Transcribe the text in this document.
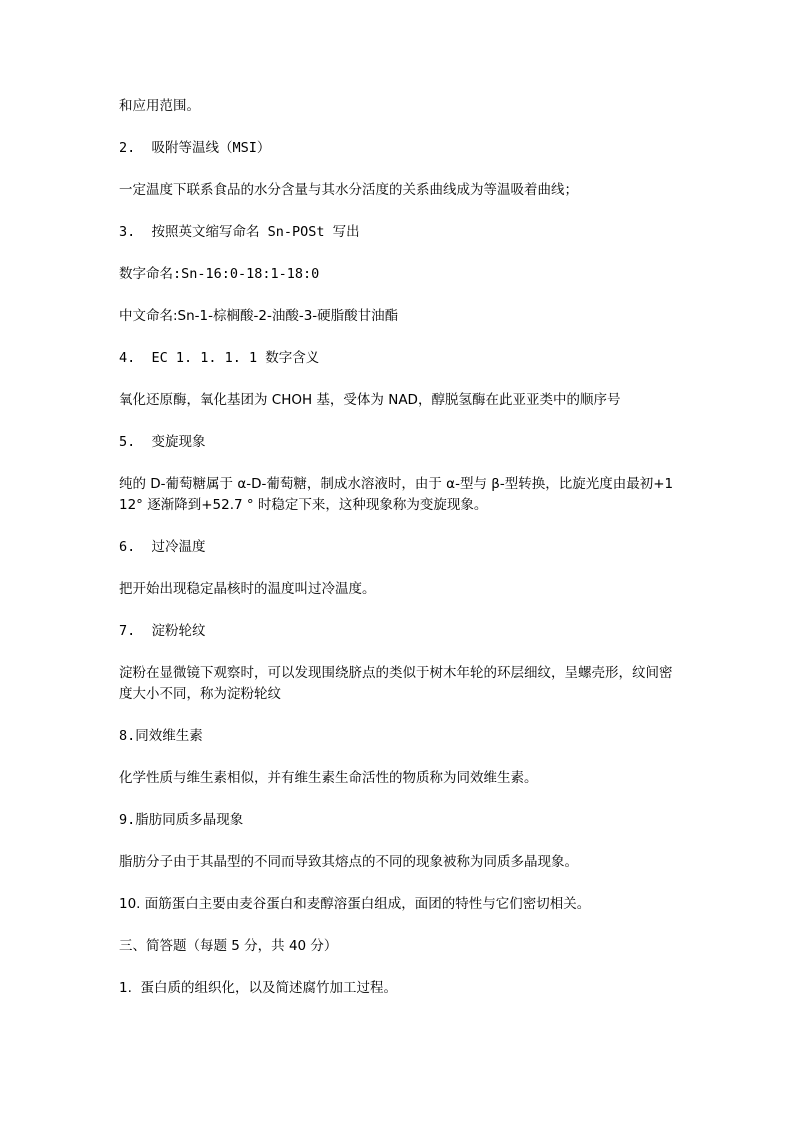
和应用范围。

2.  吸附等温线（MSI）

一定温度下联系食品的水分含量与其水分活度的关系曲线成为等温吸着曲线；

3.  按照英文缩写命名 Sn-POSt 写出

数字命名:Sn-16:0-18:1-18:0

中文命名:Sn-1-棕榈酸-2-油酸-3-硬脂酸甘油酯

4.  EC 1. 1. 1. 1 数字含义

氧化还原酶，氧化基团为 CHOH 基，受体为 NAD，醇脱氢酶在此亚亚类中的顺序号

5.  变旋现象

纯的 D-葡萄糖属于 α-D-葡萄糖，制成水溶液时，由于 α-型与 β-型转换，比旋光度由最初+112° 逐渐降到+52.7 ° 时稳定下来，这种现象称为变旋现象。

6.  过冷温度

把开始出现稳定晶核时的温度叫过冷温度。

7.  淀粉轮纹

淀粉在显微镜下观察时，可以发现围绕脐点的类似于树木年轮的环层细纹，呈螺壳形，纹间密度大小不同，称为淀粉轮纹

8.同效维生素

化学性质与维生素相似，并有维生素生命活性的物质称为同效维生素。

9.脂肪同质多晶现象

脂肪分子由于其晶型的不同而导致其熔点的不同的现象被称为同质多晶现象。

10. 面筋蛋白主要由麦谷蛋白和麦醇溶蛋白组成，面团的特性与它们密切相关。

三、简答题（每题 5 分，共 40 分）

1.  蛋白质的组织化，以及简述腐竹加工过程。
